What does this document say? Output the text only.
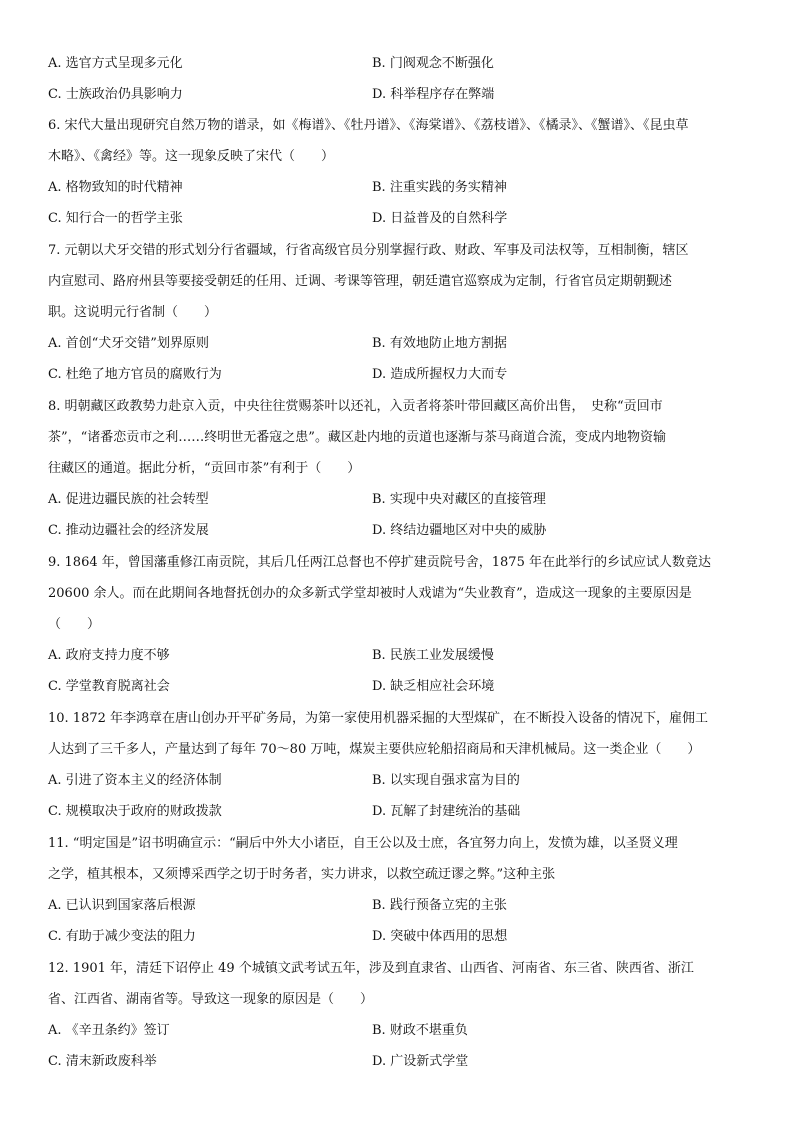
A. 选官方式呈现多元化	B. 门阀观念不断强化
C. 士族政治仍具影响力	D. 科举程序存在弊端
6. 宋代大量出现研究自然万物的谱录，如《梅谱》、《牡丹谱》、《海棠谱》、《荔枝谱》、《橘录》、《蟹谱》、《昆虫草
木略》、《禽经》等。这一现象反映了宋代（　　）
A. 格物致知的时代精神	B. 注重实践的务实精神
C. 知行合一的哲学主张	D. 日益普及的自然科学
7. 元朝以犬牙交错的形式划分行省疆域，行省高级官员分别掌握行政、财政、军事及司法权等，互相制衡，辖区
内宣慰司、路府州县等要接受朝廷的任用、迁调、考课等管理，朝廷遣官巡察成为定制，行省官员定期朝觐述
职。这说明元行省制（　　）
A. 首创“犬牙交错”划界原则	B. 有效地防止地方割据
C. 杜绝了地方官员的腐败行为	D. 造成所握权力大而专
8. 明朝藏区政教势力赴京入贡，中央往往赏赐茶叶以还礼，入贡者将茶叶带回藏区高价出售，　史称“贡回市
茶”，“诸番恋贡市之利……终明世无番寇之患”。藏区赴内地的贡道也逐渐与茶马商道合流，变成内地物资输
往藏区的通道。据此分析，“贡回市茶”有利于（　　）
A. 促进边疆民族的社会转型	B. 实现中央对藏区的直接管理
C. 推动边疆社会的经济发展	D. 终结边疆地区对中央的威胁
9. 1864 年，曾国藩重修江南贡院，其后几任两江总督也不停扩建贡院号舍，1875 年在此举行的乡试应试人数竟达
20600 余人。而在此期间各地督抚创办的众多新式学堂却被时人戏谑为“失业教育”，造成这一现象的主要原因是
（　　）
A. 政府支持力度不够	B. 民族工业发展缓慢
C. 学堂教育脱离社会	D. 缺乏相应社会环境
10. 1872 年李鸿章在唐山创办开平矿务局，为第一家使用机器采掘的大型煤矿，在不断投入设备的情况下，雇佣工
人达到了三千多人，产量达到了每年 70～80 万吨，煤炭主要供应轮船招商局和天津机械局。这一类企业（　　）
A. 引进了资本主义的经济体制	B. 以实现自强求富为目的
C. 规模取决于政府的财政拨款	D. 瓦解了封建统治的基础
11. “明定国是”诏书明确宣示：“嗣后中外大小诸臣，自王公以及士庶，各宜努力向上，发愤为雄，以圣贤义理
之学，植其根本，又须博采西学之切于时务者，实力讲求，以救空疏迂谬之弊。”这种主张
A. 已认识到国家落后根源	B. 践行预备立宪的主张
C. 有助于减少变法的阻力	D. 突破中体西用的思想
12. 1901 年，清廷下诏停止 49 个城镇文武考试五年，涉及到直隶省、山西省、河南省、东三省、陕西省、浙江
省、江西省、湖南省等。导致这一现象的原因是（　　）
A. 《辛丑条约》签订	B. 财政不堪重负
C. 清末新政废科举	D. 广设新式学堂
